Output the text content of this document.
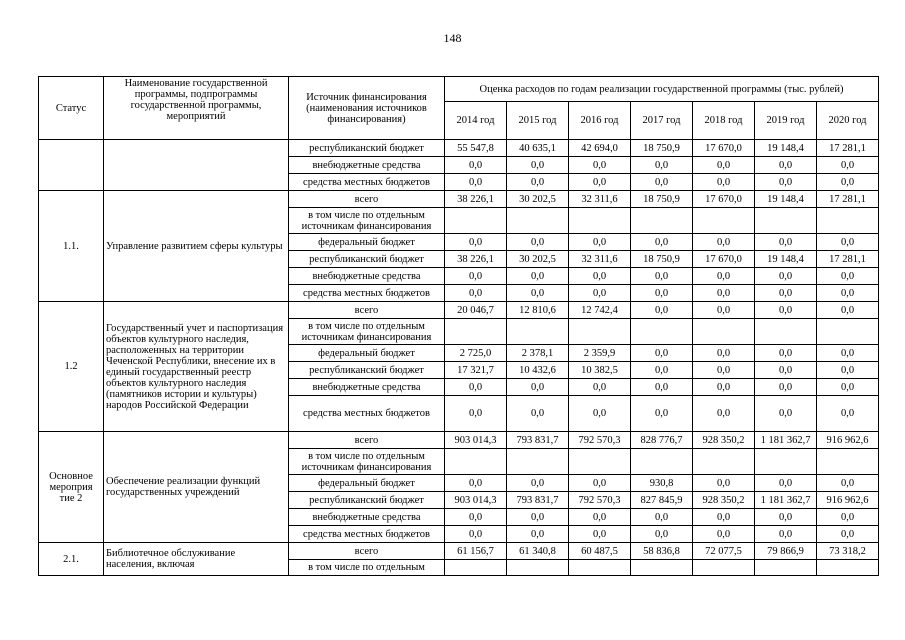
148
Статус	Наименование государственной программы, подпрограммы государственной программы, мероприятий	Источник финансирования (наименования источников финансирования)	Оценка расходов по годам реализации государственной программы (тыс. рублей)						
			2014 год	2015 год	2016 год	2017 год	2018 год	2019 год	2020 год
		республиканский бюджет	55 547,8	40 635,1	42 694,0	18 750,9	17 670,0	19 148,4	17 281,1
		внебюджетные средства	0,0	0,0	0,0	0,0	0,0	0,0	0,0
		средства местных бюджетов	0,0	0,0	0,0	0,0	0,0	0,0	0,0
1.1.	Управление развитием сферы культуры	всего	38 226,1	30 202,5	32 311,6	18 750,9	17 670,0	19 148,4	17 281,1
		в том числе по отдельным источникам финансирования							
		федеральный бюджет	0,0	0,0	0,0	0,0	0,0	0,0	0,0
		республиканский бюджет	38 226,1	30 202,5	32 311,6	18 750,9	17 670,0	19 148,4	17 281,1
		внебюджетные средства	0,0	0,0	0,0	0,0	0,0	0,0	0,0
		средства местных бюджетов	0,0	0,0	0,0	0,0	0,0	0,0	0,0
1.2	Государственный учет и паспортизация объектов культурного наследия, расположенных на территории Чеченской Республики, внесение их в единый государственный реестр объектов культурного наследия (памятников истории и культуры) народов Российской Федерации	всего	20 046,7	12 810,6	12 742,4	0,0	0,0	0,0	0,0
		в том числе по отдельным источникам финансирования							
		федеральный бюджет	2 725,0	2 378,1	2 359,9	0,0	0,0	0,0	0,0
		республиканский бюджет	17 321,7	10 432,6	10 382,5	0,0	0,0	0,0	0,0
		внебюджетные средства	0,0	0,0	0,0	0,0	0,0	0,0	0,0
		средства местных бюджетов	0,0	0,0	0,0	0,0	0,0	0,0	0,0
Основное мероприя тие 2	Обеспечение реализации функций государственных учреждений	всего	903 014,3	793 831,7	792 570,3	828 776,7	928 350,2	1 181 362,7	916 962,6
		в том числе по отдельным источникам финансирования							
		федеральный бюджет	0,0	0,0	0,0	930,8	0,0	0,0	0,0
		республиканский бюджет	903 014,3	793 831,7	792 570,3	827 845,9	928 350,2	1 181 362,7	916 962,6
		внебюджетные средства	0,0	0,0	0,0	0,0	0,0	0,0	0,0
		средства местных бюджетов	0,0	0,0	0,0	0,0	0,0	0,0	0,0
2.1.	Библиотечное обслуживание населения, включая	всего	61 156,7	61 340,8	60 487,5	58 836,8	72 077,5	79 866,9	73 318,2
		в том числе по отдельным							
